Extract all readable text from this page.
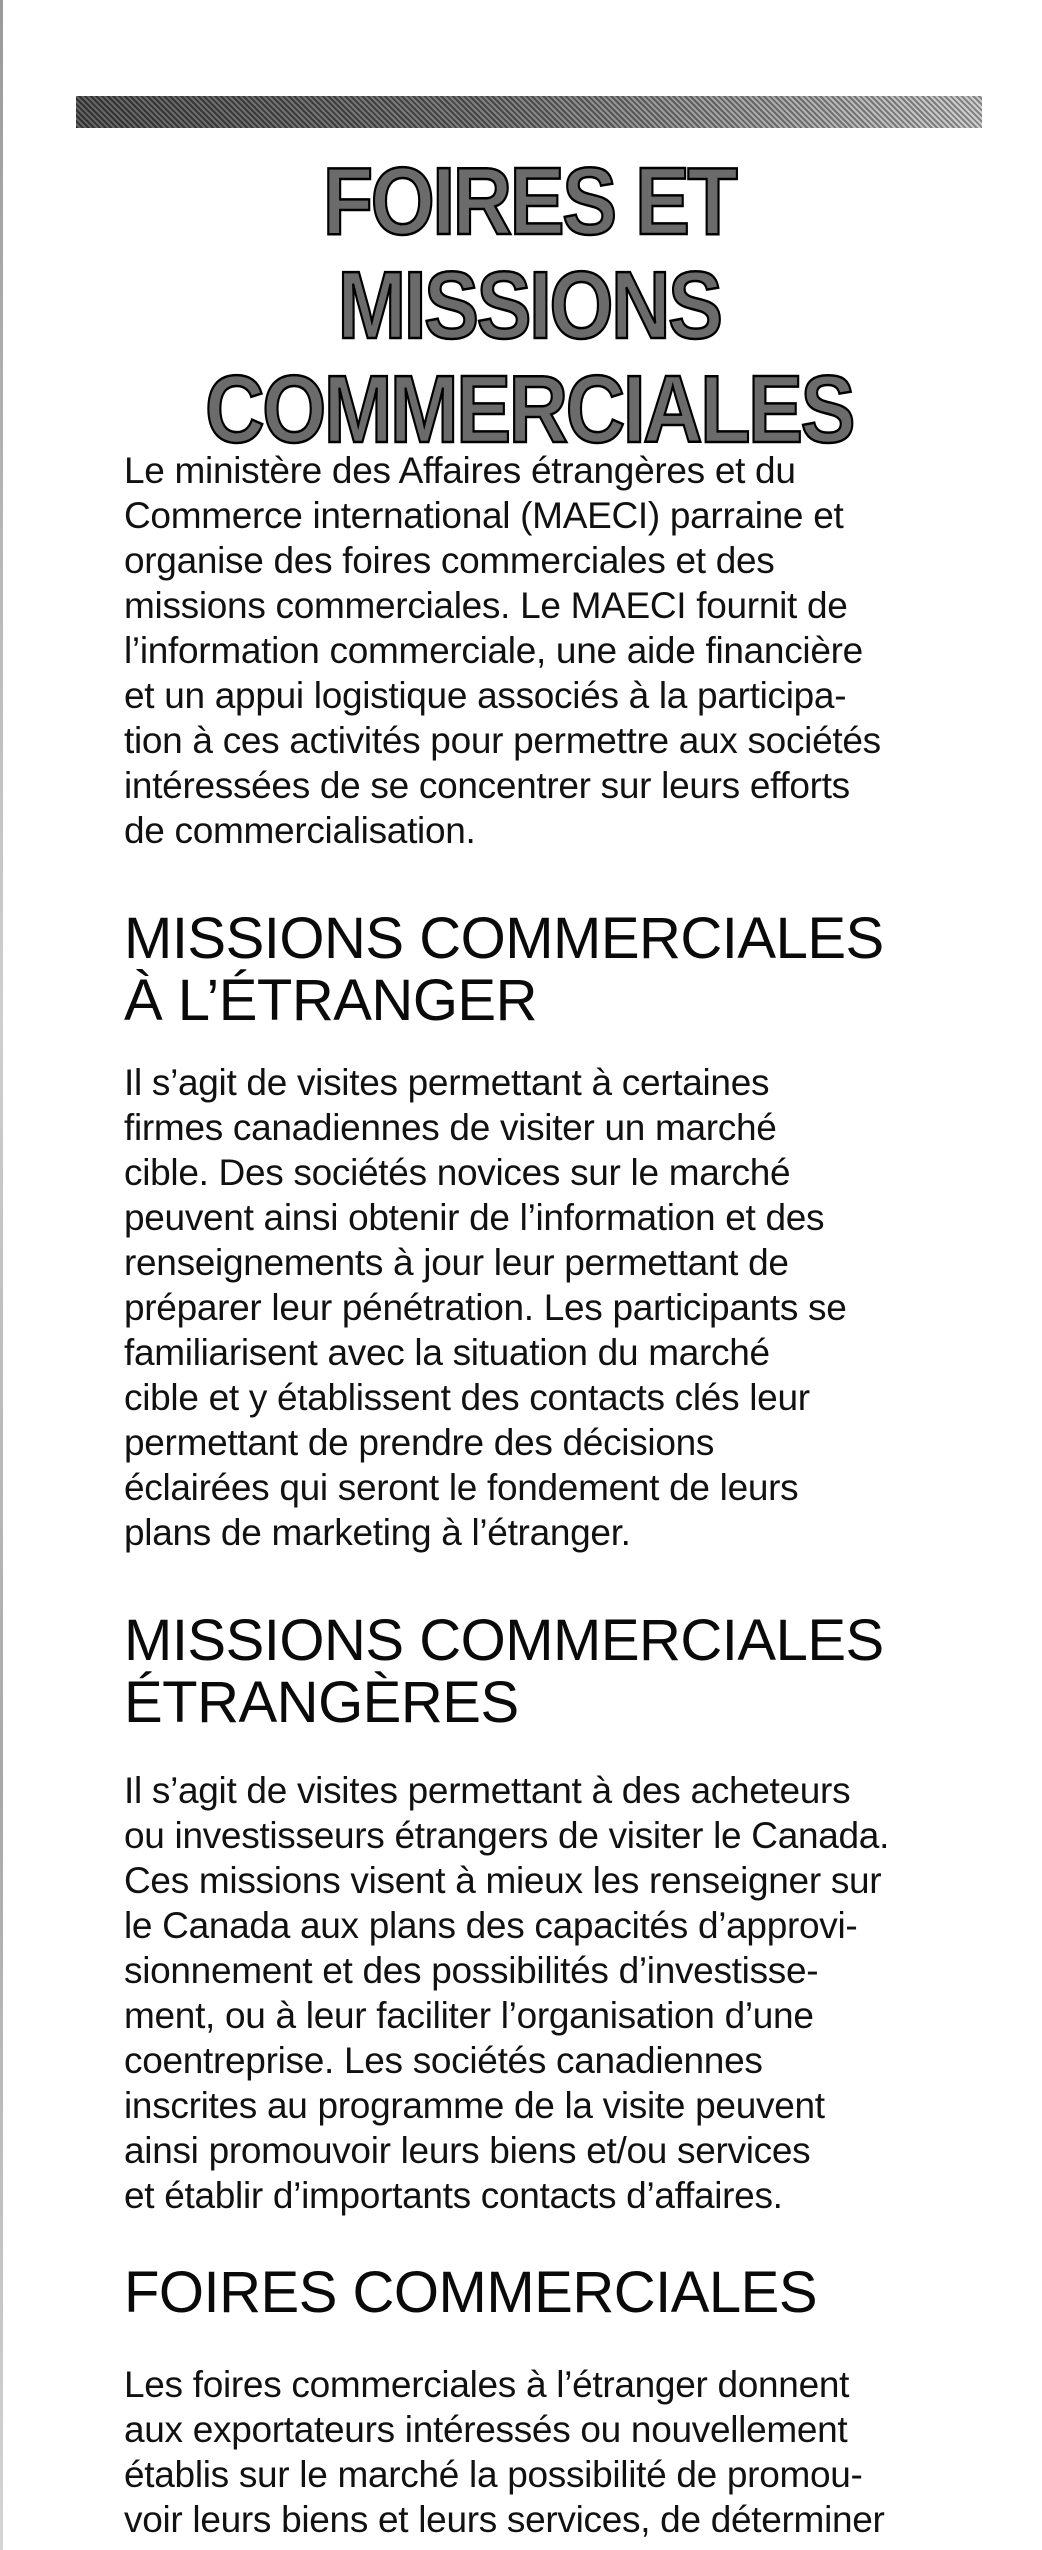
FOIRES ET MISSIONS
COMMERCIALES

Le ministère des Affaires étrangères et du
Commerce international (MAECI) parraine et
organise des foires commerciales et des
missions commerciales. Le MAECI fournit de
l’information commerciale, une aide financière
et un appui logistique associés à la participa-
tion à ces activités pour permettre aux sociétés
intéressées de se concentrer sur leurs efforts
de commercialisation.

MISSIONS COMMERCIALES
À L’ÉTRANGER

Il s’agit de visites permettant à certaines
firmes canadiennes de visiter un marché
cible. Des sociétés novices sur le marché
peuvent ainsi obtenir de l’information et des
renseignements à jour leur permettant de
préparer leur pénétration. Les participants se
familiarisent avec la situation du marché
cible et y établissent des contacts clés leur
permettant de prendre des décisions
éclairées qui seront le fondement de leurs
plans de marketing à l’étranger.

MISSIONS COMMERCIALES
ÉTRANGÈRES

Il s’agit de visites permettant à des acheteurs
ou investisseurs étrangers de visiter le Canada.
Ces missions visent à mieux les renseigner sur
le Canada aux plans des capacités d’approvi-
sionnement et des possibilités d’investisse-
ment, ou à leur faciliter l’organisation d’une
coentreprise. Les sociétés canadiennes
inscrites au programme de la visite peuvent
ainsi promouvoir leurs biens et/ou services
et établir d’importants contacts d’affaires.

FOIRES COMMERCIALES

Les foires commerciales à l’étranger donnent
aux exportateurs intéressés ou nouvellement
établis sur le marché la possibilité de promou-
voir leurs biens et leurs services, de déterminer
